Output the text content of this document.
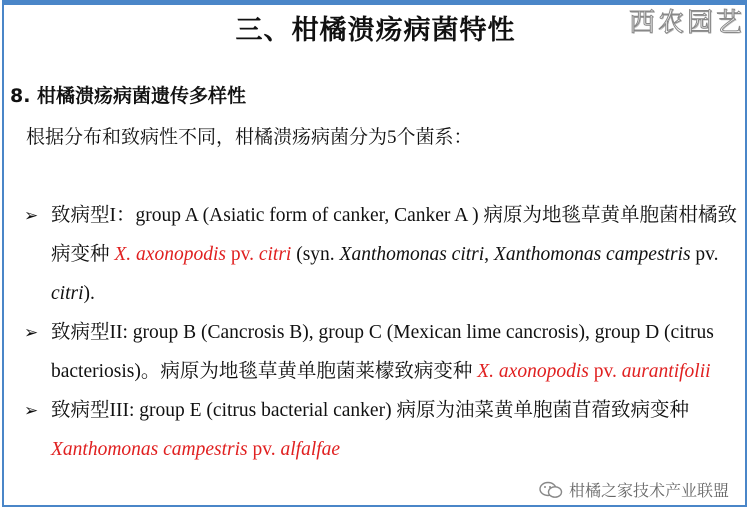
三、柑橘溃疡病菌特性	西农园艺
8. 柑橘溃疡病菌遗传多样性
根据分布和致病性不同，柑橘溃疡病菌分为5个菌系：
➢ 致病型I：group A (Asiatic form of canker, Canker A ) 病原为地毯草黄单胞菌柑橘致病变种 X. axonopodis pv. citri (syn. Xanthomonas citri, Xanthomonas campestris pv. citri).
➢ 致病型II: group B (Cancrosis B), group C (Mexican lime cancrosis), group D (citrus bacteriosis)。病原为地毯草黄单胞菌莱檬致病变种 X. axonopodis pv. aurantifolii
➢ 致病型III: group E (citrus bacterial canker) 病原为油菜黄单胞菌苜蓿致病变种Xanthomonas campestris pv. alfalfae
柑橘之家技术产业联盟
